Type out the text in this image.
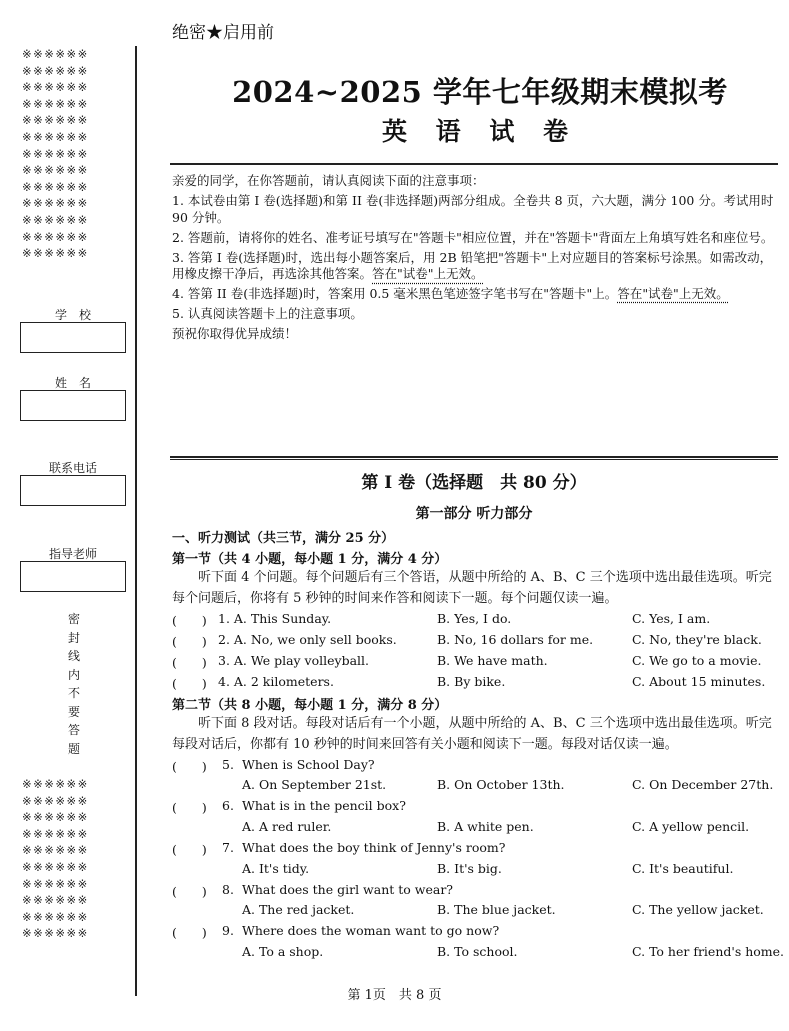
※※※※※※
※※※※※※
※※※※※※
※※※※※※
※※※※※※
※※※※※※
※※※※※※
※※※※※※
※※※※※※
※※※※※※
※※※※※※
※※※※※※
※※※※※※
学　校
姓　名
联系电话
指导老师
密
封
线
内
不
要
答
题
※※※※※※
※※※※※※
※※※※※※
※※※※※※
※※※※※※
※※※※※※
※※※※※※
※※※※※※
※※※※※※
※※※※※※
绝密★启用前
2024~2025 学年七年级期末模拟考
英 语 试 卷
亲爱的同学，在你答题前，请认真阅读下面的注意事项：
1. 本试卷由第 I 卷(选择题)和第 II 卷(非选择题)两部分组成。全卷共 8 页，六大题，满分 100 分。考试用时 90 分钟。
2. 答题前，请将你的姓名、准考证号填写在"答题卡"相应位置，并在"答题卡"背面左上角填写姓名和座位号。
3. 答第 I 卷(选择题)时，选出每小题答案后，用 2B 铅笔把"答题卡"上对应题目的答案标号涂黑。如需改动，用橡皮擦干净后，再选涂其他答案。答在"试卷"上无效。
4. 答第 II 卷(非选择题)时，答案用 0.5 毫米黑色笔迹签字笔书写在"答题卡"上。答在"试卷"上无效。
5. 认真阅读答题卡上的注意事项。
预祝你取得优异成绩！
第 I 卷（选择题　共 80 分）
第一部分 听力部分
一、听力测试（共三节，满分 25 分）
第一节（共 4 小题，每小题 1 分，满分 4 分）
听下面 4 个问题。每个问题后有三个答语，从题中所给的 A、B、C 三个选项中选出最佳选项。听完每个问题后，你将有 5 秒钟的时间来作答和阅读下一题。每个问题仅读一遍。
(　　) 1. A. This Sunday.	B. Yes, I do.	C. Yes, I am.
(　　) 2. A. No, we only sell books.	B. No, 16 dollars for me.	C. No, they're black.
(　　) 3. A. We play volleyball.	B. We have math.	C. We go to a movie.
(　　) 4. A. 2 kilometers.	B. By bike.	C. About 15 minutes.
第二节（共 8 小题，每小题 1 分，满分 8 分）
听下面 8 段对话。每段对话后有一个小题，从题中所给的 A、B、C 三个选项中选出最佳选项。听完每段对话后，你都有 10 秒钟的时间来回答有关小题和阅读下一题。每段对话仅读一遍。
(　　) 5. When is School Day?
A. On September 21st.	B. On October 13th.	C. On December 27th.
(　　) 6. What is in the pencil box?
A. A red ruler.	B. A white pen.	C. A yellow pencil.
(　　) 7. What does the boy think of Jenny's room?
A. It's tidy.	B. It's big.	C. It's beautiful.
(　　) 8. What does the girl want to wear?
A. The red jacket.	B. The blue jacket.	C. The yellow jacket.
(　　) 9. Where does the woman want to go now?
A. To a shop.	B. To school.	C. To her friend's home.
第 1页　共 8 页
